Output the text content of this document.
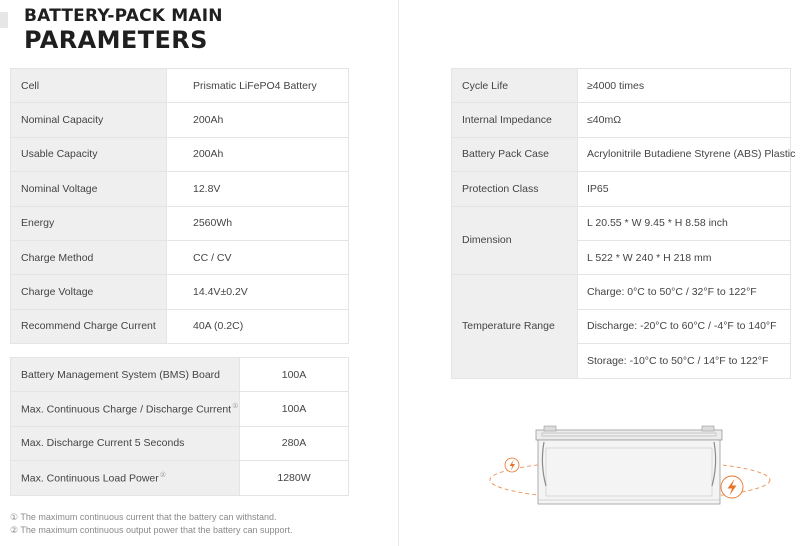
BATTERY-PACK MAIN
PARAMETERS
Cell	Prismatic LiFePO4 Battery
Nominal Capacity	200Ah
Usable Capacity	200Ah
Nominal Voltage	12.8V
Energy	2560Wh
Charge Method	CC / CV
Charge Voltage	14.4V±0.2V
Recommend Charge Current	40A (0.2C)
Battery Management System (BMS) Board	100A
Max. Continuous Charge / Discharge Current①	100A
Max. Discharge Current 5 Seconds	280A
Max. Continuous Load Power②	1280W
Cycle Life	≥4000 times
Internal Impedance	≤40mΩ
Battery Pack Case	Acrylonitrile Butadiene Styrene (ABS) Plastic
Protection Class	IP65
Dimension	L 20.55 * W 9.45 * H 8.58 inch
	L 522 * W 240 * H 218 mm
Temperature Range	Charge: 0°C to 50°C / 32°F to 122°F
	Discharge: -20°C to 60°C / -4°F to 140°F
	Storage: -10°C to 50°C / 14°F to 122°F
① The maximum continuous current that the battery can withstand.
② The maximum continuous output power that the battery can support.
